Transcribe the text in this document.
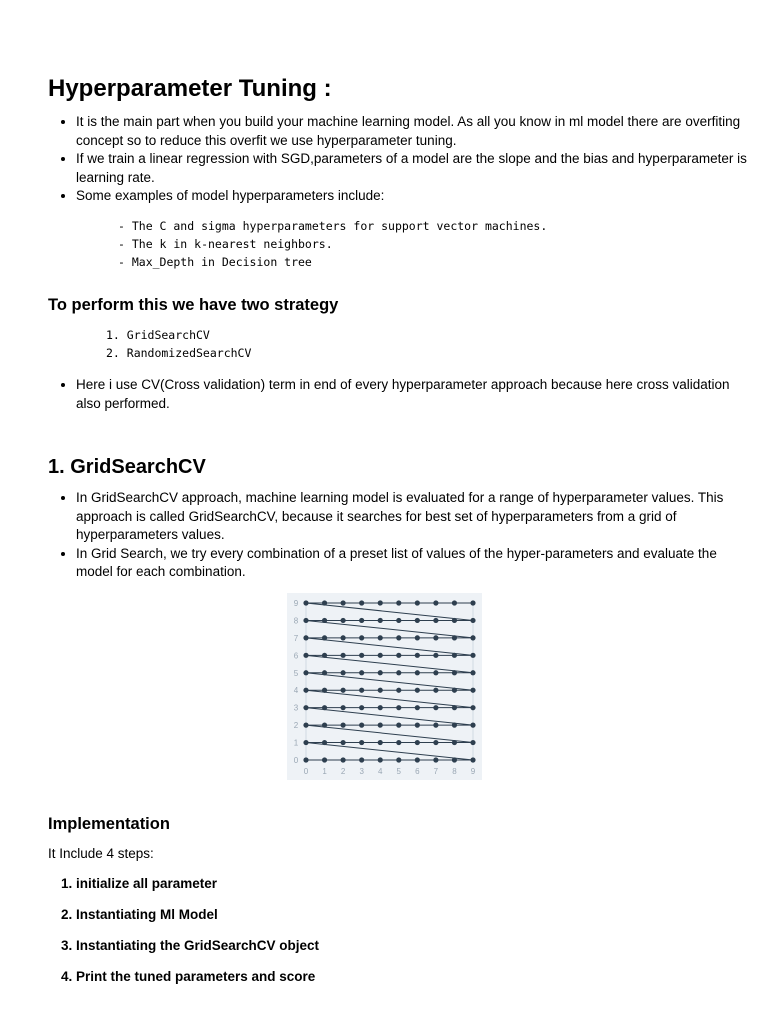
Hyperparameter Tuning :
• It is the main part when you build your machine learning model. As all you know in ml model there are overfiting concept so to reduce this overfit we use hyperparameter tuning.
• If we train a linear regression with SGD,parameters of a model are the slope and the bias and hyperparameter is learning rate.
• Some examples of model hyperparameters include:
- The C and sigma hyperparameters for support vector machines.
- The k in k-nearest neighbors.
- Max_Depth in Decision tree
To perform this we have two strategy
1. GridSearchCV
2. RandomizedSearchCV
• Here i use CV(Cross validation) term in end of every hyperparameter approach because here cross validation also performed.
1. GridSearchCV
• In GridSearchCV approach, machine learning model is evaluated for a range of hyperparameter values. This approach is called GridSearchCV, because it searches for best set of hyperparameters from a grid of hyperparameters values.
• In Grid Search, we try every combination of a preset list of values of the hyper-parameters and evaluate the model for each combination.
0 1 2 3 4 5 6 7 8 9
0
1
2
3
4
5
6
7
8
9
Implementation

It Include 4 steps:

1. initialize all parameter
2. Instantiating Ml Model
3. Instantiating the GridSearchCV object
4. Print the tuned parameters and score
